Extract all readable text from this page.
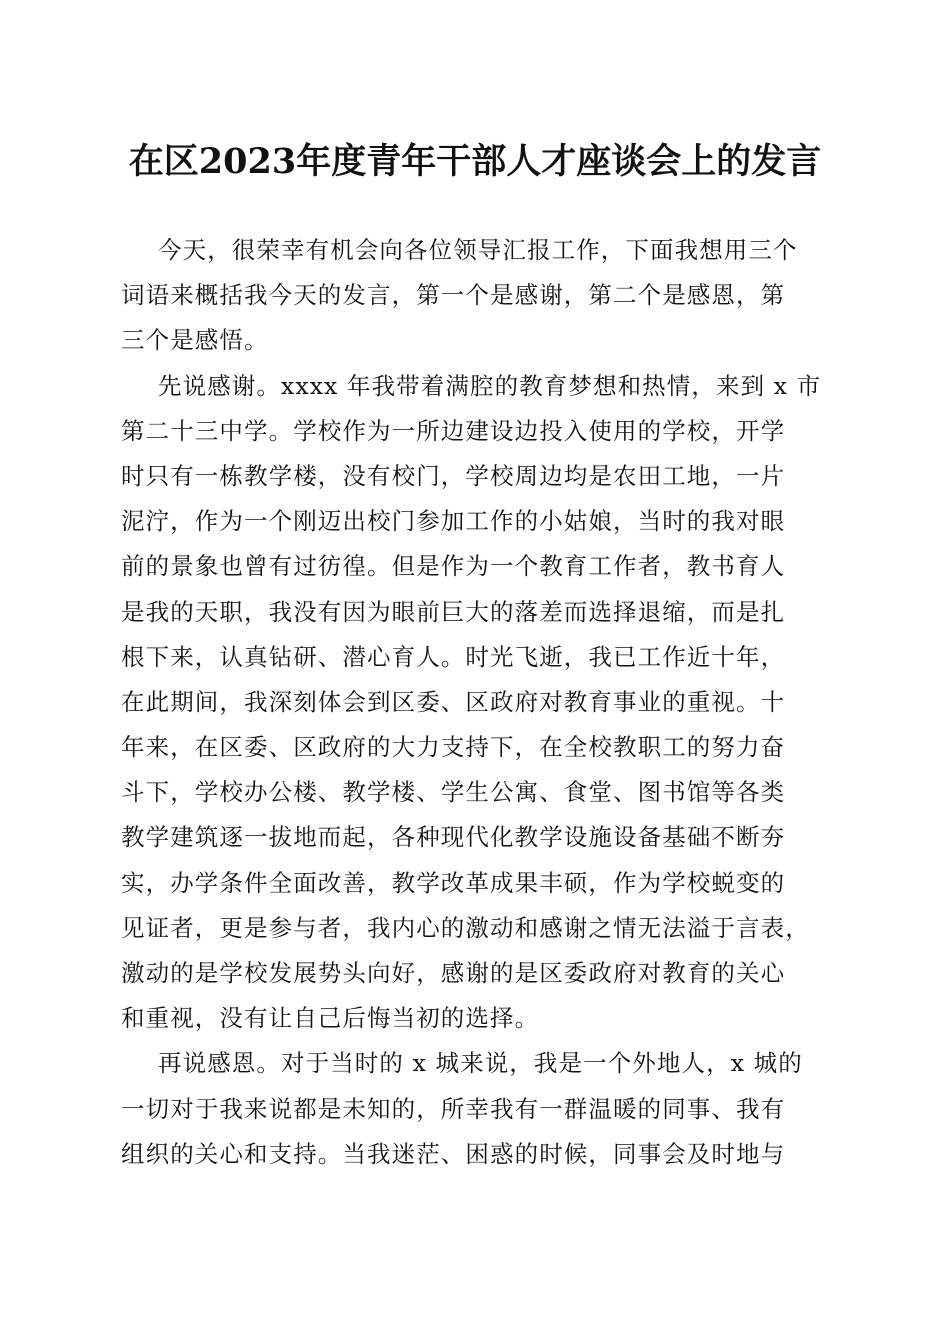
在区2023年度青年干部人才座谈会上的发言

今天，很荣幸有机会向各位领导汇报工作，下面我想用三个
词语来概括我今天的发言，第一个是感谢，第二个是感恩，第
三个是感悟。

先说感谢。xxxx 年我带着满腔的教育梦想和热情，来到 x 市
第二十三中学。学校作为一所边建设边投入使用的学校，开学
时只有一栋教学楼，没有校门，学校周边均是农田工地，一片
泥泞，作为一个刚迈出校门参加工作的小姑娘，当时的我对眼
前的景象也曾有过彷徨。但是作为一个教育工作者，教书育人
是我的天职，我没有因为眼前巨大的落差而选择退缩，而是扎
根下来，认真钻研、潜心育人。时光飞逝，我已工作近十年，
在此期间，我深刻体会到区委、区政府对教育事业的重视。十
年来，在区委、区政府的大力支持下，在全校教职工的努力奋
斗下，学校办公楼、教学楼、学生公寓、食堂、图书馆等各类
教学建筑逐一拔地而起，各种现代化教学设施设备基础不断夯
实，办学条件全面改善，教学改革成果丰硕，作为学校蜕变的
见证者，更是参与者，我内心的激动和感谢之情无法溢于言表，
激动的是学校发展势头向好，感谢的是区委政府对教育的关心
和重视，没有让自己后悔当初的选择。

再说感恩。对于当时的 x 城来说，我是一个外地人，x 城的
一切对于我来说都是未知的，所幸我有一群温暖的同事、我有
组织的关心和支持。当我迷茫、困惑的时候，同事会及时地与
